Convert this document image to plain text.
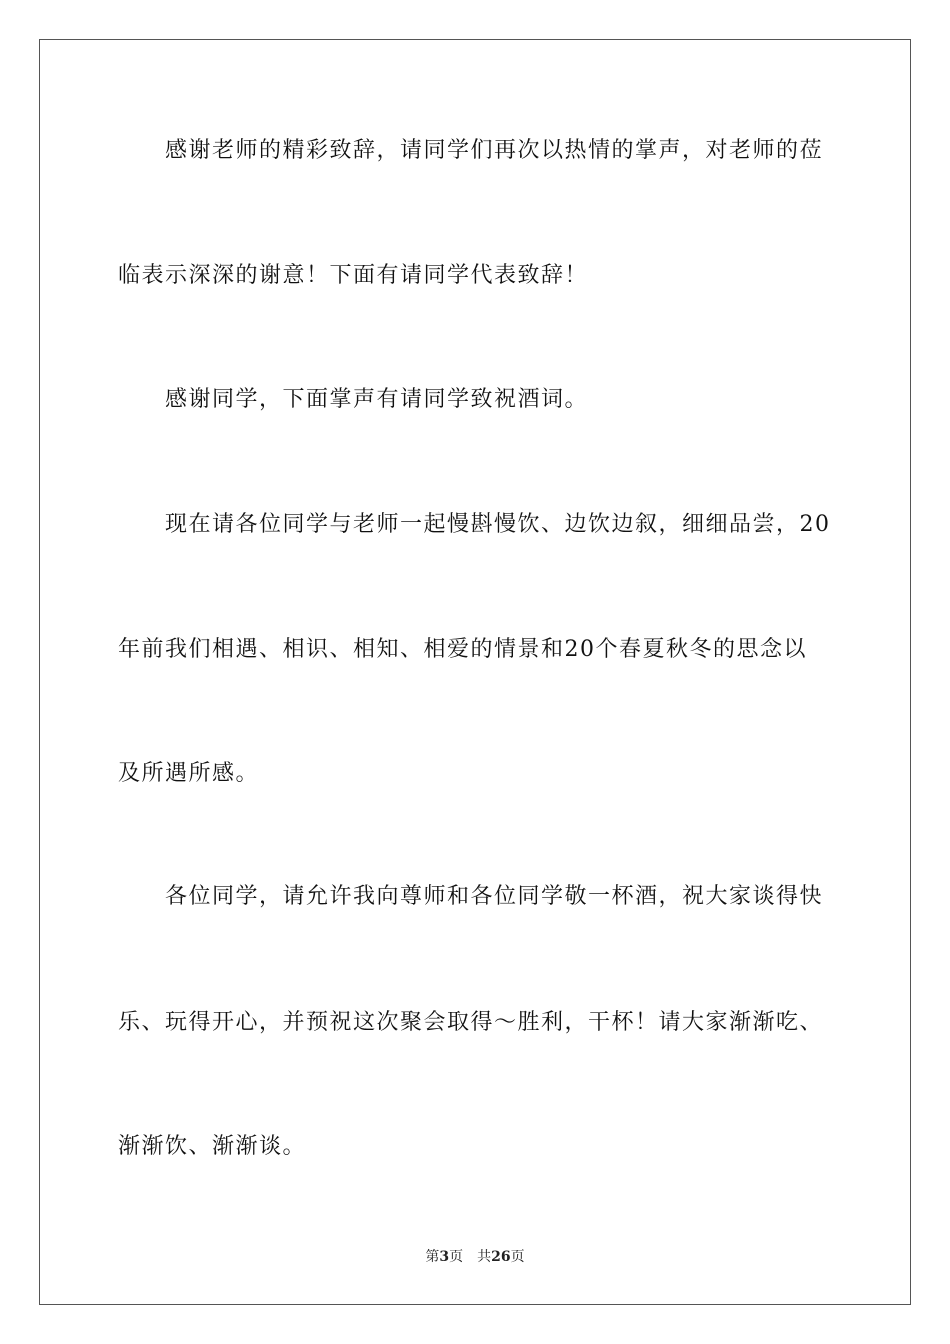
感谢老师的精彩致辞，请同学们再次以热情的掌声，对老师的莅
临表示深深的谢意！下面有请同学代表致辞！
感谢同学，下面掌声有请同学致祝酒词。
现在请各位同学与老师一起慢斟慢饮、边饮边叙，细细品尝，20
年前我们相遇、相识、相知、相爱的情景和20个春夏秋冬的思念以
及所遇所感。
各位同学，请允许我向尊师和各位同学敬一杯酒，祝大家谈得快
乐、玩得开心，并预祝这次聚会取得～胜利，干杯！请大家渐渐吃、
渐渐饮、渐渐谈。
第3页 共26页
